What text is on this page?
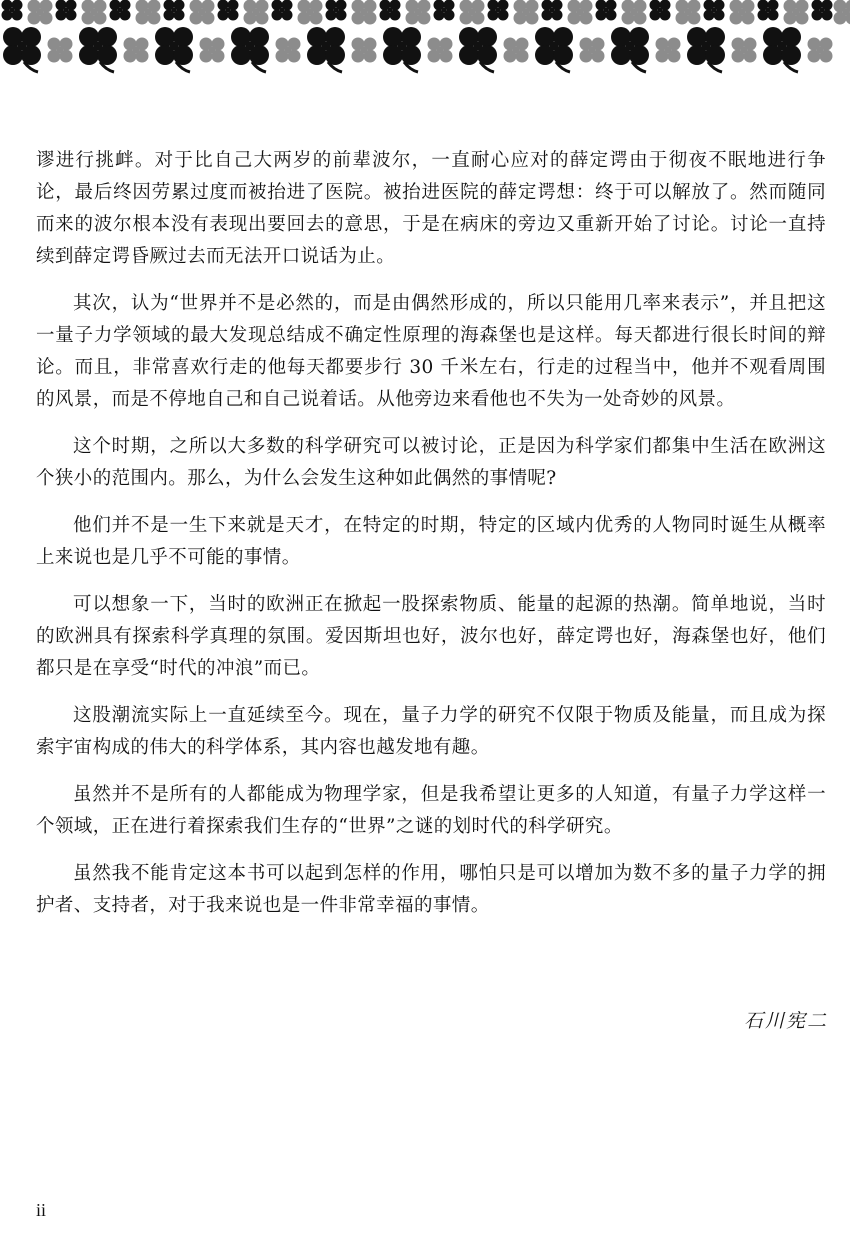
谬进行挑衅。对于比自己大两岁的前辈波尔，一直耐心应对的薛定谔由于彻夜不眠地进行争论，最后终因劳累过度而被抬进了医院。被抬进医院的薛定谔想：终于可以解放了。然而随同而来的波尔根本没有表现出要回去的意思，于是在病床的旁边又重新开始了讨论。讨论一直持续到薛定谔昏厥过去而无法开口说话为止。

其次，认为“世界并不是必然的，而是由偶然形成的，所以只能用几率来表示”，并且把这一量子力学领域的最大发现总结成不确定性原理的海森堡也是这样。每天都进行很长时间的辩论。而且，非常喜欢行走的他每天都要步行 30 千米左右，行走的过程当中，他并不观看周围的风景，而是不停地自己和自己说着话。从他旁边来看他也不失为一处奇妙的风景。

这个时期，之所以大多数的科学研究可以被讨论，正是因为科学家们都集中生活在欧洲这个狭小的范围内。那么，为什么会发生这种如此偶然的事情呢?

他们并不是一生下来就是天才，在特定的时期，特定的区域内优秀的人物同时诞生从概率上来说也是几乎不可能的事情。

可以想象一下，当时的欧洲正在掀起一股探索物质、能量的起源的热潮。简单地说，当时的欧洲具有探索科学真理的氛围。爱因斯坦也好，波尔也好，薛定谔也好，海森堡也好，他们都只是在享受“时代的冲浪”而已。

这股潮流实际上一直延续至今。现在，量子力学的研究不仅限于物质及能量，而且成为探索宇宙构成的伟大的科学体系，其内容也越发地有趣。

虽然并不是所有的人都能成为物理学家，但是我希望让更多的人知道，有量子力学这样一个领域，正在进行着探索我们生存的“世界”之谜的划时代的科学研究。

虽然我不能肯定这本书可以起到怎样的作用，哪怕只是可以增加为数不多的量子力学的拥护者、支持者，对于我来说也是一件非常幸福的事情。

石川宪二
ii
